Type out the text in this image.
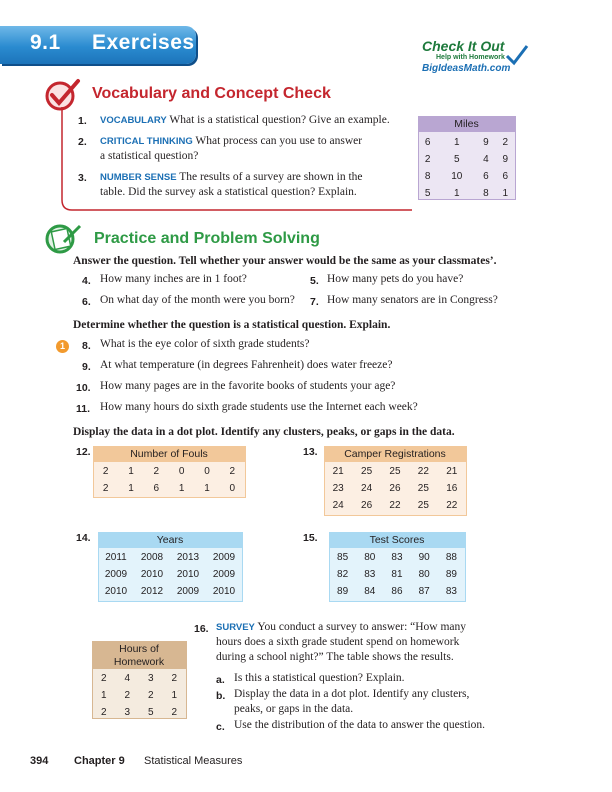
9.1 Exercises	Check It Out
Help with Homework
BigIdeasMath.com
Vocabulary and Concept Check
1. VOCABULARY What is a statistical question? Give an example.
2. CRITICAL THINKING What process can you use to answer
a statistical question?
3. NUMBER SENSE The results of a survey are shown in the
table. Did the survey ask a statistical question? Explain.
Miles
6	1	9	2
2	5	4	9
8	10	6	6
5	1	8	1
Practice and Problem Solving
Answer the question. Tell whether your answer would be the same as your classmates’.
4. How many inches are in 1 foot?	5. How many pets do you have?
6. On what day of the month were you born? 7. How many senators are in Congress?
Determine whether the question is a statistical question. Explain.
1	8. What is the eye color of sixth grade students?
9. At what temperature (in degrees Fahrenheit) does water freeze?
10. How many pages are in the favorite books of students your age?
11. How many hours do sixth grade students use the Internet each week?
Display the data in a dot plot. Identify any clusters, peaks, or gaps in the data.
12.	Number of Fouls
2	1	2	0	0	2
2	1	6	1	1	0
13.	Camper Registrations
21	25	25	22	21
23	24	26	25	16
24	26	22	25	22
14.	Years
2011	2008	2013	2009
2009	2010	2010	2009
2010	2012	2009	2010
15.	Test Scores
85	80	83	90	88
82	83	81	80	89
89	84	86	87	83
Hours of
Homework
2	4	3	2
1	2	2	1
2	3	5	2
16. SURVEY You conduct a survey to answer: “How many
hours does a sixth grade student spend on homework
during a school night?” The table shows the results.
a. Is this a statistical question? Explain.
b. Display the data in a dot plot. Identify any clusters,
peaks, or gaps in the data.
c. Use the distribution of the data to answer the question.
394 Chapter 9 Statistical Measures
